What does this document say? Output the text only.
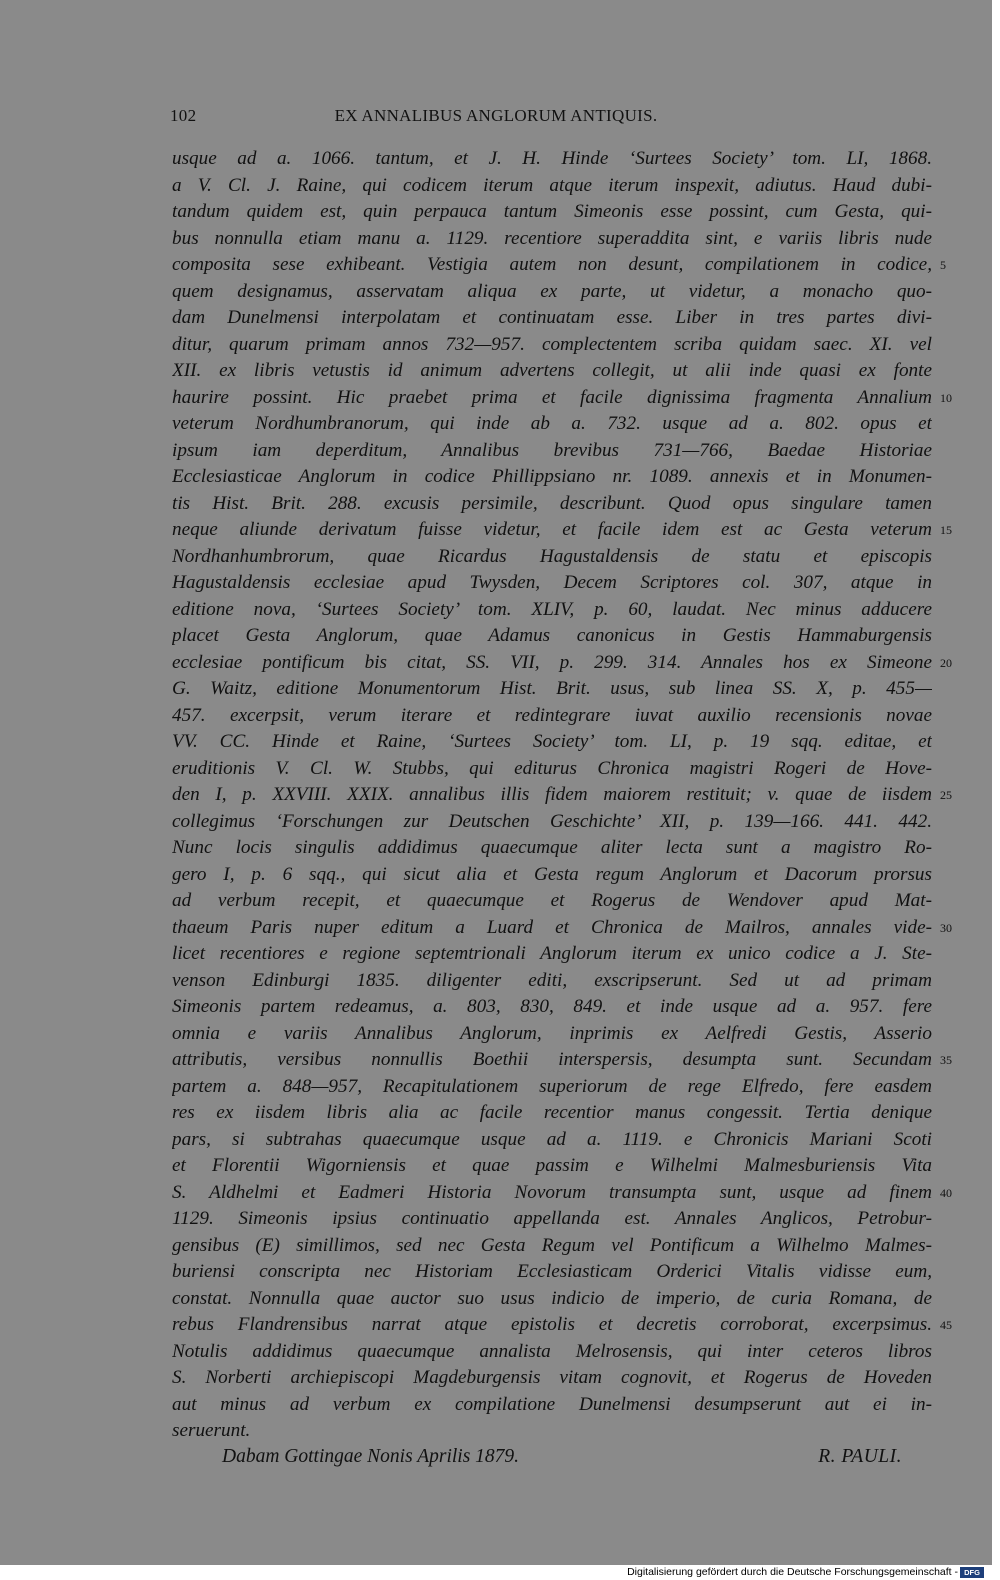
102	EX ANNALIBUS ANGLORUM ANTIQUIS.
usque ad a. 1066. tantum, et J. H. Hinde ‘Surtees Society’ tom. LI, 1868.
a V. Cl. J. Raine, qui codicem iterum atque iterum inspexit, adiutus. Haud dubi-
tandum quidem est, quin perpauca tantum Simeonis esse possint, cum Gesta, qui-
bus nonnulla etiam manu a. 1129. recentiore superaddita sint, e variis libris nude
composita sese exhibeant. Vestigia autem non desunt, compilationem in codice, 5
quem designamus, asservatam aliqua ex parte, ut videtur, a monacho quo-
dam Dunelmensi interpolatam et continuatam esse. Liber in tres partes divi-
ditur, quarum primam annos 732—957. complectentem scriba quidam saec. XI. vel
XII. ex libris vetustis id animum advertens collegit, ut alii inde quasi ex fonte
haurire possint. Hic praebet prima et facile dignissima fragmenta Annalium 10
veterum Nordhumbranorum, qui inde ab a. 732. usque ad a. 802. opus et
ipsum iam deperditum, Annalibus brevibus 731—766, Baedae Historiae
Ecclesiasticae Anglorum in codice Phillippsiano nr. 1089. annexis et in Monumen-
tis Hist. Brit. 288. excusis persimile, describunt. Quod opus singulare tamen
neque aliunde derivatum fuisse videtur, et facile idem est ac Gesta veterum 15
Nordhanhumbrorum, quae Ricardus Hagustaldensis de statu et episcopis
Hagustaldensis ecclesiae apud Twysden, Decem Scriptores col. 307, atque in
editione nova, ‘Surtees Society’ tom. XLIV, p. 60, laudat. Nec minus adducere
placet Gesta Anglorum, quae Adamus canonicus in Gestis Hammaburgensis
ecclesiae pontificum bis citat, SS. VII, p. 299. 314. Annales hos ex Simeone 20
G. Waitz, editione Monumentorum Hist. Brit. usus, sub linea SS. X, p. 455—
457. excerpsit, verum iterare et redintegrare iuvat auxilio recensionis novae
VV. CC. Hinde et Raine, ‘Surtees Society’ tom. LI, p. 19 sqq. editae, et
eruditionis V. Cl. W. Stubbs, qui editurus Chronica magistri Rogeri de Hove-
den I, p. XXVIII. XXIX. annalibus illis fidem maiorem restituit; v. quae de iisdem 25
collegimus ‘Forschungen zur Deutschen Geschichte’ XII, p. 139—166. 441. 442.
Nunc locis singulis addidimus quaecumque aliter lecta sunt a magistro Ro-
gero I, p. 6 sqq., qui sicut alia et Gesta regum Anglorum et Dacorum prorsus
ad verbum recepit, et quaecumque et Rogerus de Wendover apud Mat-
thaeum Paris nuper editum a Luard et Chronica de Mailros, annales vide- 30
licet recentiores e regione septemtrionali Anglorum iterum ex unico codice a J. Ste-
venson Edinburgi 1835. diligenter editi, exscripserunt. Sed ut ad primam
Simeonis partem redeamus, a. 803, 830, 849. et inde usque ad a. 957. fere
omnia e variis Annalibus Anglorum, inprimis ex Aelfredi Gestis, Asserio
attributis, versibus nonnullis Boethii interspersis, desumpta sunt. Secundam 35
partem a. 848—957, Recapitulationem superiorum de rege Elfredo, fere easdem
res ex iisdem libris alia ac facile recentior manus congessit. Tertia denique
pars, si subtrahas quaecumque usque ad a. 1119. e Chronicis Mariani Scoti
et Florentii Wigorniensis et quae passim e Wilhelmi Malmesburiensis Vita
S. Aldhelmi et Eadmeri Historia Novorum transumpta sunt, usque ad finem 40
1129. Simeonis ipsius continuatio appellanda est. Annales Anglicos, Petrobur-
gensibus (E) simillimos, sed nec Gesta Regum vel Pontificum a Wilhelmo Malmes-
buriensi conscripta nec Historiam Ecclesiasticam Orderici Vitalis vidisse eum,
constat. Nonnulla quae auctor suo usus indicio de imperio, de curia Romana, de
rebus Flandrensibus narrat atque epistolis et decretis corroborat, excerpsimus. 45
Notulis addidimus quaecumque annalista Melrosensis, qui inter ceteros libros
S. Norberti archiepiscopi Magdeburgensis vitam cognovit, et Rogerus de Hoveden
aut minus ad verbum ex compilatione Dunelmensi desumpserunt aut ei in-
seruerunt.
Dabam Gottingae Nonis Aprilis 1879.	R. PAULI.
Digitalisierung gefördert durch die Deutsche Forschungsgemeinschaft - DFG
